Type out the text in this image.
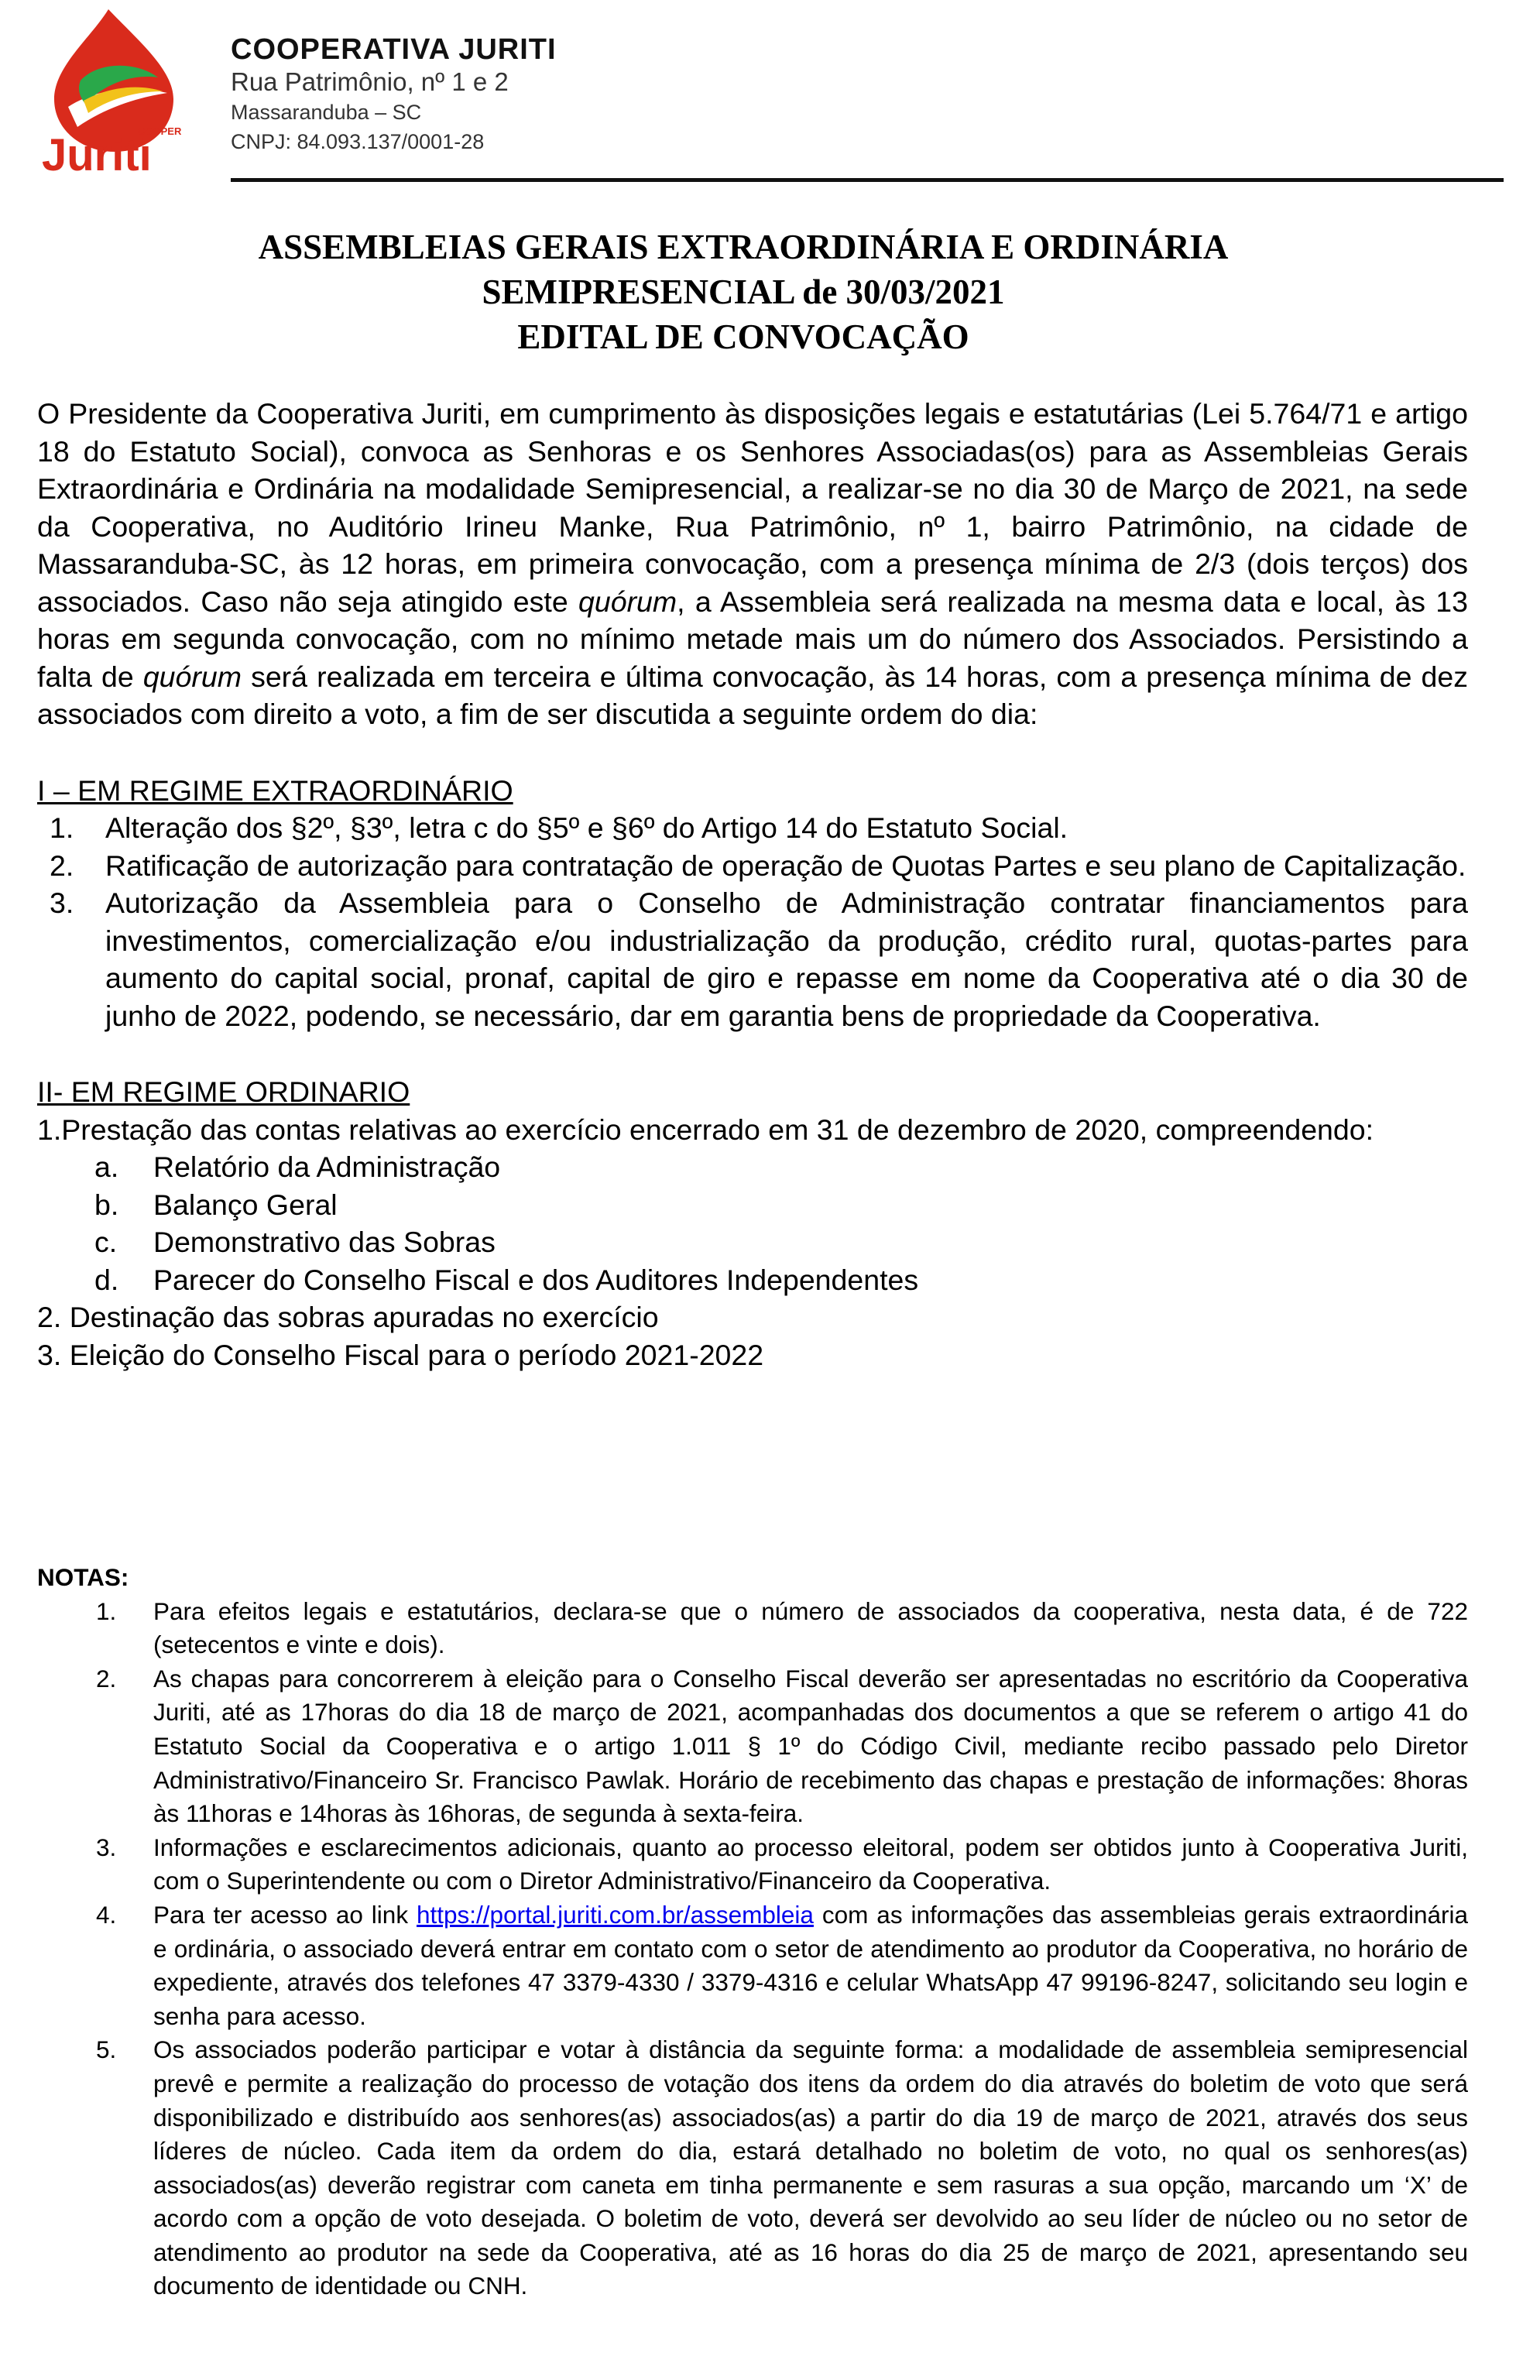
COOPER
Juriti
COOPERATIVA JURITI
Rua Patrimônio, nº 1 e 2
Massaranduba – SC
CNPJ: 84.093.137/0001-28
ASSEMBLEIAS GERAIS EXTRAORDINÁRIA E ORDINÁRIA
SEMIPRESENCIAL de 30/03/2021
EDITAL DE CONVOCAÇÃO

O Presidente da Cooperativa Juriti, em cumprimento às disposições legais e estatutárias (Lei 5.764/71 e artigo 18 do Estatuto Social), convoca as Senhoras e os Senhores Associadas(os) para as Assembleias Gerais Extraordinária e Ordinária na modalidade Semipresencial, a realizar-se no dia 30 de Março de 2021, na sede da Cooperativa, no Auditório Irineu Manke, Rua Patrimônio, nº 1, bairro Patrimônio, na cidade de Massaranduba-SC, às 12 horas, em primeira convocação, com a presença mínima de 2/3 (dois terços) dos associados. Caso não seja atingido este quórum, a Assembleia será realizada na mesma data e local, às 13 horas em segunda convocação, com no mínimo metade mais um do número dos Associados. Persistindo a falta de quórum será realizada em terceira e última convocação, às 14 horas, com a presença mínima de dez associados com direito a voto, a fim de ser discutida a seguinte ordem do dia:

I – EM REGIME EXTRAORDINÁRIO
1. Alteração dos §2º, §3º, letra c do §5º e §6º do Artigo 14 do Estatuto Social.
2. Ratificação de autorização para contratação de operação de Quotas Partes e seu plano de Capitalização.
3. Autorização da Assembleia para o Conselho de Administração contratar financiamentos para investimentos, comercialização e/ou industrialização da produção, crédito rural, quotas-partes para aumento do capital social, pronaf, capital de giro e repasse em nome da Cooperativa até o dia 30 de junho de 2022, podendo, se necessário, dar em garantia bens de propriedade da Cooperativa.
II- EM REGIME ORDINARIO
1.Prestação das contas relativas ao exercício encerrado em 31 de dezembro de 2020, compreendendo:
a. Relatório da Administração
b. Balanço Geral
c. Demonstrativo das Sobras
d. Parecer do Conselho Fiscal e dos Auditores Independentes
2. Destinação das sobras apuradas no exercício
3. Eleição do Conselho Fiscal para o período 2021-2022
NOTAS:
1. Para efeitos legais e estatutários, declara-se que o número de associados da cooperativa, nesta data, é de 722 (setecentos e vinte e dois).
2. As chapas para concorrerem à eleição para o Conselho Fiscal deverão ser apresentadas no escritório da Cooperativa Juriti, até as 17horas do dia 18 de março de 2021, acompanhadas dos documentos a que se referem o artigo 41 do Estatuto Social da Cooperativa e o artigo 1.011 § 1º do Código Civil, mediante recibo passado pelo Diretor Administrativo/Financeiro Sr. Francisco Pawlak. Horário de recebimento das chapas e prestação de informações: 8horas às 11horas e 14horas às 16horas, de segunda à sexta-feira.
3. Informações e esclarecimentos adicionais, quanto ao processo eleitoral, podem ser obtidos junto à Cooperativa Juriti, com o Superintendente ou com o Diretor Administrativo/Financeiro da Cooperativa.
4. Para ter acesso ao link https://portal.juriti.com.br/assembleia com as informações das assembleias gerais extraordinária e ordinária, o associado deverá entrar em contato com o setor de atendimento ao produtor da Cooperativa, no horário de expediente, através dos telefones 47 3379-4330 / 3379-4316 e celular WhatsApp 47 99196-8247, solicitando seu login e senha para acesso.
5. Os associados poderão participar e votar à distância da seguinte forma: a modalidade de assembleia semipresencial prevê e permite a realização do processo de votação dos itens da ordem do dia através do boletim de voto que será disponibilizado e distribuído aos senhores(as) associados(as) a partir do dia 19 de março de 2021, através dos seus líderes de núcleo. Cada item da ordem do dia, estará detalhado no boletim de voto, no qual os senhores(as) associados(as) deverão registrar com caneta em tinha permanente e sem rasuras a sua opção, marcando um ‘X’ de acordo com a opção de voto desejada. O boletim de voto, deverá ser devolvido ao seu líder de núcleo ou no setor de atendimento ao produtor na sede da Cooperativa, até as 16 horas do dia 25 de março de 2021, apresentando seu documento de identidade ou CNH.
